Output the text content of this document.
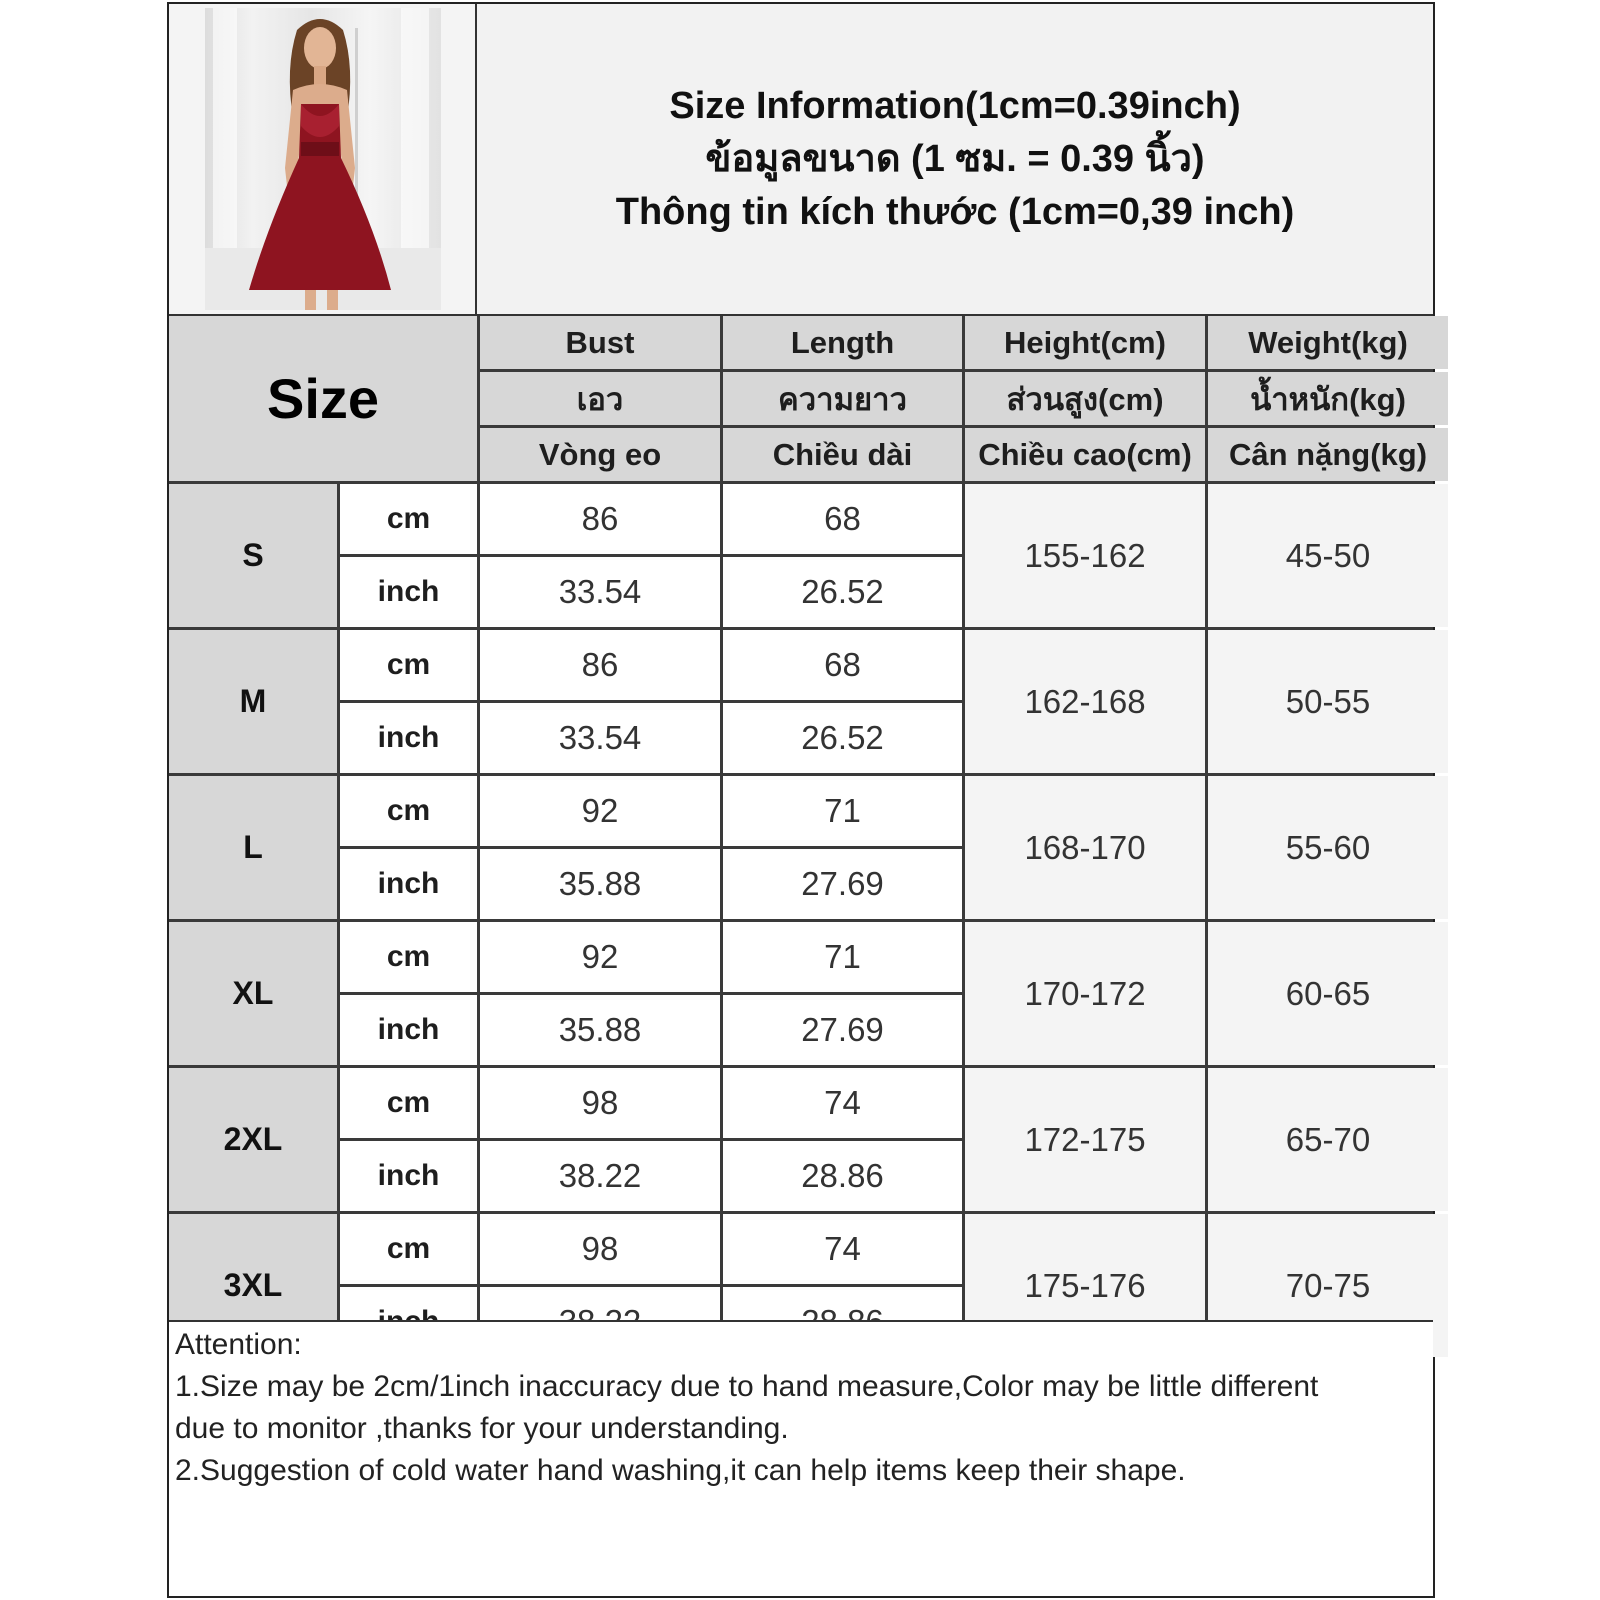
Size Information(1cm=0.39inch)
ข้อมูลขนาด (1 ซม. = 0.39 นิ้ว)
Thông tin kích thước (1cm=0,39 inch)
Size
Bust	Length	Height(cm)	Weight(kg)
เอว	ความยาว	ส่วนสูง(cm)	น้ำหนัก(kg)
Vòng eo	Chiều dài	Chiều cao(cm)	Cân nặng(kg)
S
cm	86	68
inch	33.54	26.52
155-162	45-50
M
cm	86	68
inch	33.54	26.52
162-168	50-55
L
cm	92	71
inch	35.88	27.69
168-170	55-60
XL
cm	92	71
inch	35.88	27.69
170-172	60-65
2XL
cm	98	74
inch	38.22	28.86
172-175	65-70
3XL
cm	98	74
175-176	70-75

Attention:

1.Size may be 2cm/1inch inaccuracy due to hand measure,Color may be little different

due to monitor ,thanks for your understanding.

2.Suggestion of cold water hand washing,it can help items keep their shape.
